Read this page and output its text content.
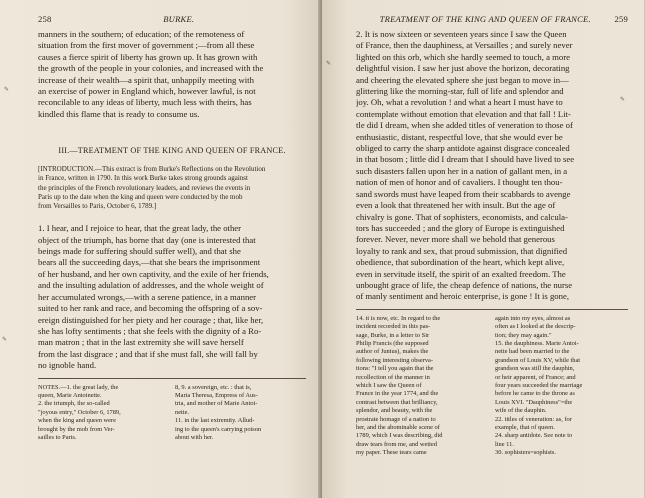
258	BURKE.
manners in the southern; of education; of the remoteness of
situation from the first mover of government ;—from all these
causes a fierce spirit of liberty has grown up. It has grown with
the growth of the people in your colonies, and increased with the
increase of their wealth—a spirit that, unhappily meeting with
an exercise of power in England which, however lawful, is not
reconcilable to any ideas of liberty, much less with theirs, has
kindled this flame that is ready to consume us.
III.—TREATMENT OF THE KING AND QUEEN OF FRANCE.
[INTRODUCTION.—This extract is from Burke's Reflections on the Revolution
in France, written in 1790. In this work Burke takes strong grounds against
the principles of the French revolutionary leaders, and reviews the events in
Paris up to the date when the king and queen were conducted by the mob
from Versailles to Paris, October 6, 1789.]
1. I hear, and I rejoice to hear, that the great lady, the other
object of the triumph, has borne that day (one is interested that
beings made for suffering should suffer well), and that she
bears all the succeeding days,—that she bears the imprisonment
of her husband, and her own captivity, and the exile of her friends,
and the insulting adulation of addresses, and the whole weight of
her accumulated wrongs,—with a serene patience, in a manner
suited to her rank and race, and becoming the offspring of a sov-
ereign distinguished for her piety and her courage ; that, like her,
she has lofty sentiments ; that she feels with the dignity of a Ro-
man matron ; that in the last extremity she will save herself
from the last disgrace ; and that if she must fall, she will fall by
no ignoble hand.
NOTES.—1. the great lady, the
queen, Marie Antoinette.
2. the triumph, the so-called
"joyous entry," October 6, 1789,
when the king and queen were
brought by the mob from Ver-
sailles to Paris.
8, 9. a sovereign, etc. : that is,
Maria Theresa, Empress of Aus-
tria, and mother of Marie Antoi-
nette.
11. in the last extremity. Allud-
ing to the queen's carrying poison
about with her.
✎
✎
TREATMENT OF THE KING AND QUEEN OF FRANCE.	259
2. It is now sixteen or seventeen years since I saw the Queen
of France, then the dauphiness, at Versailles ; and surely never
lighted on this orb, which she hardly seemed to touch, a more
delightful vision. I saw her just above the horizon, decorating
and cheering the elevated sphere she just began to move in—
glittering like the morning-star, full of life and splendor and
joy. Oh, what a revolution ! and what a heart I must have to
contemplate without emotion that elevation and that fall ! Lit-
tle did I dream, when she added titles of veneration to those of
enthusiastic, distant, respectful love, that she would ever be
obliged to carry the sharp antidote against disgrace concealed
in that bosom ; little did I dream that I should have lived to see
such disasters fallen upon her in a nation of gallant men, in a
nation of men of honor and of cavaliers. I thought ten thou-
sand swords must have leaped from their scabbards to avenge
even a look that threatened her with insult. But the age of
chivalry is gone. That of sophisters, economists, and calcula-
tors has succeeded ; and the glory of Europe is extinguished
forever. Never, never more shall we behold that generous
loyalty to rank and sex, that proud submission, that dignified
obedience, that subordination of the heart, which kept alive,
even in servitude itself, the spirit of an exalted freedom. The
unbought grace of life, the cheap defence of nations, the nurse
of manly sentiment and heroic enterprise, is gone ! It is gone,
14. it is now, etc. In regard to the
incident recorded in this pas-
sage, Burke, in a letter to Sir
Philip Francis (the supposed
author of Junius), makes the
following interesting observa-
tions: "I tell you again that the
recollection of the manner in
which I saw the Queen of
France in the year 1774, and the
contrast between that brilliancy,
splendor, and beauty, with the
prostrate homage of a nation to
her, and the abominable scene of
1789, which I was describing, did
draw tears from me, and wetted
my paper. These tears came
again into my eyes, almost as
often as I looked at the descrip-
tion; they may again."
15. the dauphiness. Marie Antoi-
nette had been married to the
grandson of Louis XV, while that
grandson was still the dauphin,
or heir apparent, of France; and
four years succeeded the marriage
before he came to the throne as
Louis XVI. "Dauphiness"=the
wife of the dauphin.
22. titles of veneration: as, for
example, that of queen.
24. sharp antidote. See note to
line 11.
30. sophisters=sophists.
✎
✎
